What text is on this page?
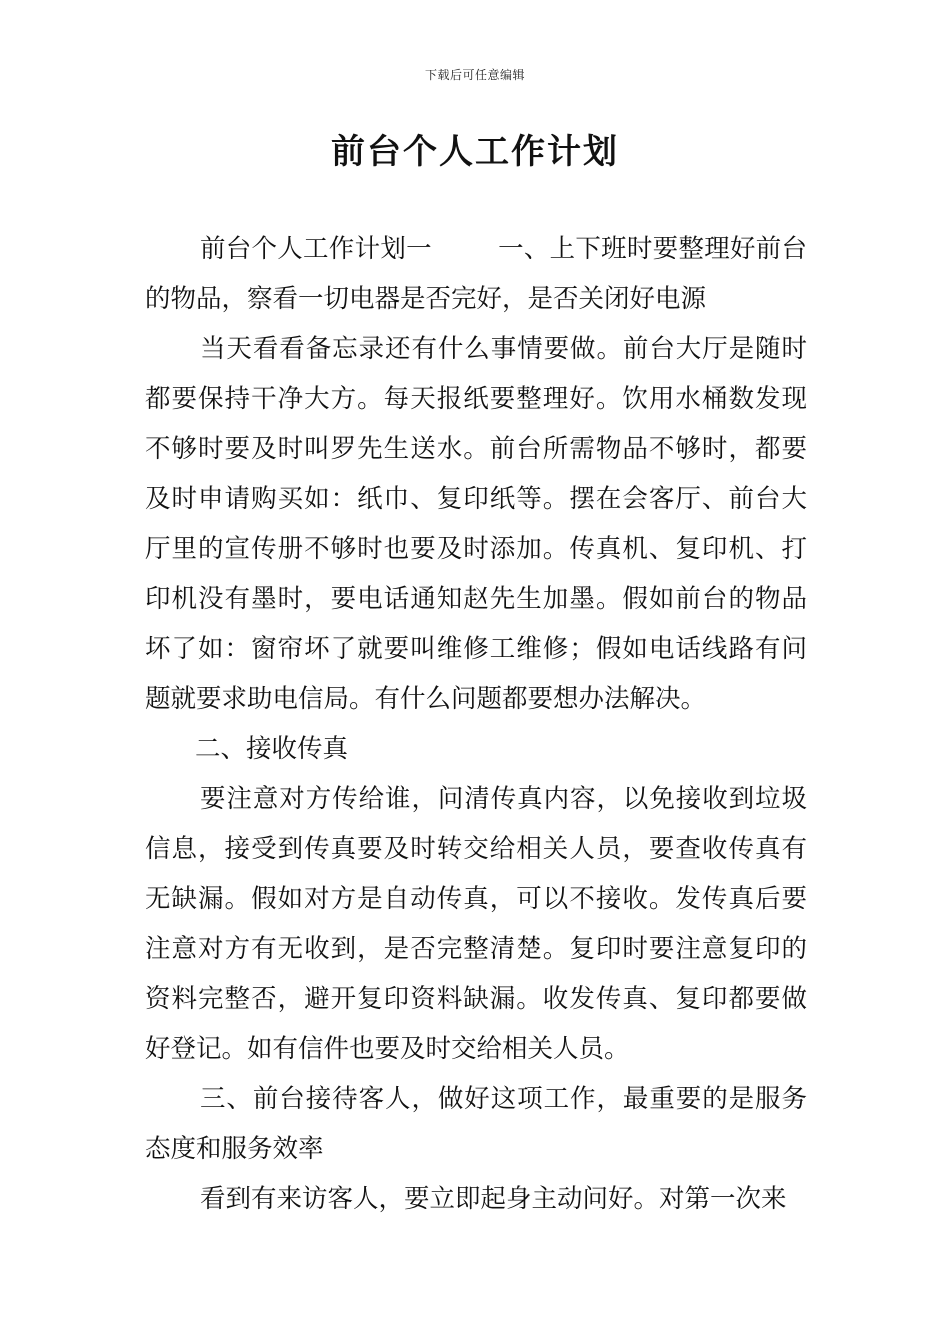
下载后可任意编辑
前台个人工作计划

前台个人工作计划一	一、上下班时要整理好前台的物品，察看一切电器是否完好，是否关闭好电源

当天看看备忘录还有什么事情要做。前台大厅是随时都要保持干净大方。每天报纸要整理好。饮用水桶数发现不够时要及时叫罗先生送水。前台所需物品不够时，都要及时申请购买如：纸巾、复印纸等。摆在会客厅、前台大厅里的宣传册不够时也要及时添加。传真机、复印机、打印机没有墨时，要电话通知赵先生加墨。假如前台的物品坏了如：窗帘坏了就要叫维修工维修；假如电话线路有问题就要求助电信局。有什么问题都要想办法解决。

二、接收传真

要注意对方传给谁，问清传真内容，以免接收到垃圾信息，接受到传真要及时转交给相关人员，要查收传真有无缺漏。假如对方是自动传真，可以不接收。发传真后要注意对方有无收到，是否完整清楚。复印时要注意复印的资料完整否，避开复印资料缺漏。收发传真、复印都要做好登记。如有信件也要及时交给相关人员。

三、前台接待客人，做好这项工作，最重要的是服务态度和服务效率

看到有来访客人，要立即起身主动问好。对第一次来
